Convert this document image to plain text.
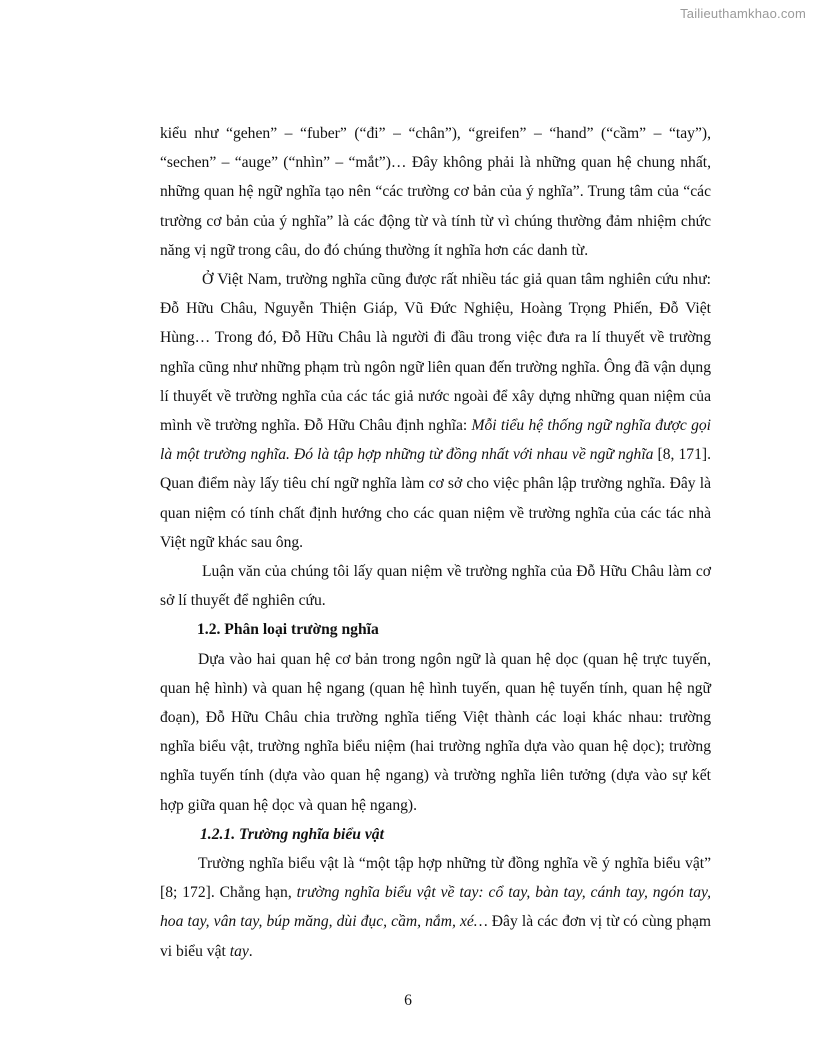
Tailieuthamkhao.com

kiểu như “gehen” – “fuber” (“đi” – “chân”), “greifen” – “hand” (“cầm” – “tay”), “sechen” – “auge” (“nhìn” – “mắt”)… Đây không phải là những quan hệ chung nhất, những quan hệ ngữ nghĩa tạo nên “các trường cơ bản của ý nghĩa”. Trung tâm của “các trường cơ bản của ý nghĩa” là các động từ và tính từ vì chúng thường đảm nhiệm chức năng vị ngữ trong câu, do đó chúng thường ít nghĩa hơn các danh từ.

Ở Việt Nam, trường nghĩa cũng được rất nhiều tác giả quan tâm nghiên cứu như: Đỗ Hữu Châu, Nguyễn Thiện Giáp, Vũ Đức Nghiệu, Hoàng Trọng Phiến, Đỗ Việt Hùng… Trong đó, Đỗ Hữu Châu là người đi đầu trong việc đưa ra lí thuyết về trường nghĩa cũng như những phạm trù ngôn ngữ liên quan đến trường nghĩa. Ông đã vận dụng lí thuyết về trường nghĩa của các tác giả nước ngoài để xây dựng những quan niệm của mình về trường nghĩa. Đỗ Hữu Châu định nghĩa: Mỗi tiểu hệ thống ngữ nghĩa được gọi là một trường nghĩa. Đó là tập hợp những từ đồng nhất với nhau về ngữ nghĩa [8, 171]. Quan điểm này lấy tiêu chí ngữ nghĩa làm cơ sở cho việc phân lập trường nghĩa. Đây là quan niệm có tính chất định hướng cho các quan niệm về trường nghĩa của các tác nhà Việt ngữ khác sau ông.

Luận văn của chúng tôi lấy quan niệm về trường nghĩa của Đỗ Hữu Châu làm cơ sở lí thuyết để nghiên cứu.

1.2. Phân loại trường nghĩa

Dựa vào hai quan hệ cơ bản trong ngôn ngữ là quan hệ dọc (quan hệ trực tuyến, quan hệ hình) và quan hệ ngang (quan hệ hình tuyến, quan hệ tuyến tính, quan hệ ngữ đoạn), Đỗ Hữu Châu chia trường nghĩa tiếng Việt thành các loại khác nhau: trường nghĩa biểu vật, trường nghĩa biểu niệm (hai trường nghĩa dựa vào quan hệ dọc); trường nghĩa tuyến tính (dựa vào quan hệ ngang) và trường nghĩa liên tưởng (dựa vào sự kết hợp giữa quan hệ dọc và quan hệ ngang).

1.2.1. Trường nghĩa biểu vật

Trường nghĩa biểu vật là “một tập hợp những từ đồng nghĩa về ý nghĩa biểu vật” [8; 172]. Chẳng hạn, trường nghĩa biểu vật về tay: cổ tay, bàn tay, cánh tay, ngón tay, hoa tay, vân tay, búp măng, dùi đục, cầm, nắm, xé… Đây là các đơn vị từ có cùng phạm vi biểu vật tay.

6
